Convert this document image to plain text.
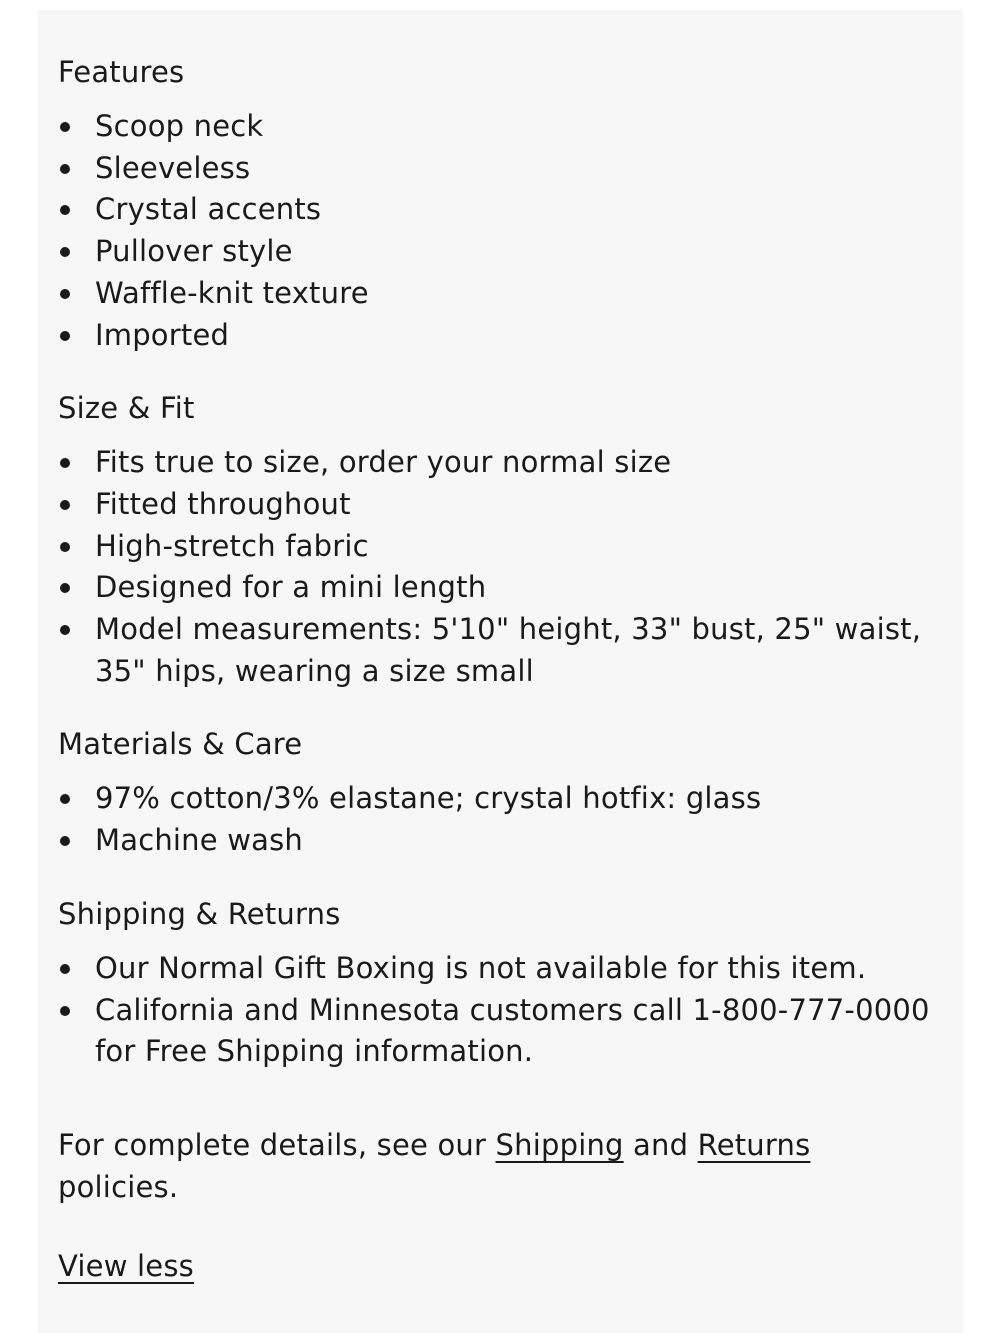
Features
Scoop neck
Sleeveless
Crystal accents
Pullover style
Waffle-knit texture
Imported
Size & Fit
Fits true to size, order your normal size
Fitted throughout
High-stretch fabric
Designed for a mini length
Model measurements: 5'10" height, 33" bust, 25" waist, 35" hips, wearing a size small
Materials & Care
97% cotton/3% elastane; crystal hotfix: glass
Machine wash
Shipping & Returns
Our Normal Gift Boxing is not available for this item.
California and Minnesota customers call 1-800-777-0000 for Free Shipping information.
For complete details, see our Shipping and Returns policies.
View less
